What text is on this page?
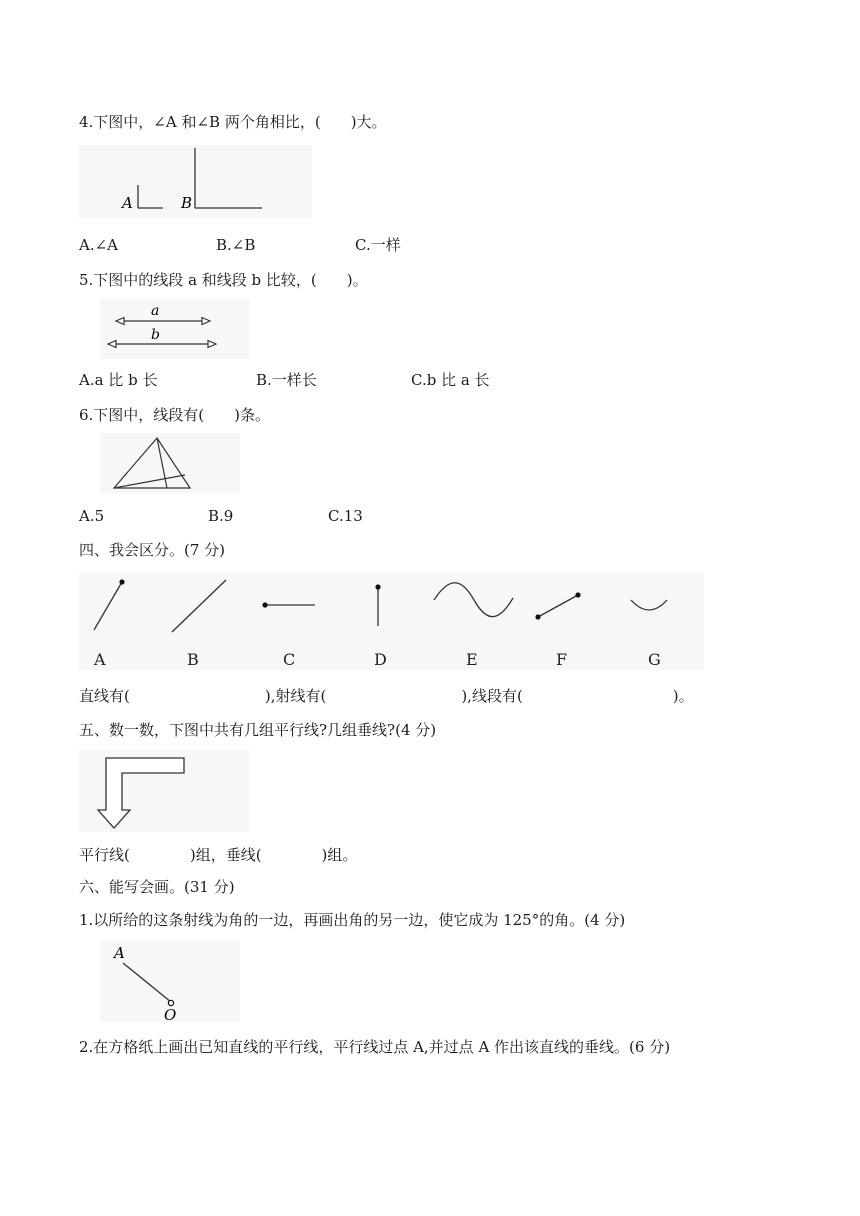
4.下图中，∠A 和∠B 两个角相比，(　　)大。
A	B
A.∠A	B.∠B	C.一样
5.下图中的线段 a 和线段 b 比较，(　　)。
a
b
A.a 比 b 长	B.一样长	C.b 比 a 长
6.下图中，线段有(　　)条。
A.5	B.9	C.13
四、我会区分。(7 分)
A	B	C	D	E	F	G
直线有(　　　　　　　　　),射线有(　　　　　　　　　),线段有(　　　　　　　　　　)。
五、数一数，下图中共有几组平行线?几组垂线?(4 分)
平行线(　　　　)组，垂线(　　　　)组。
六、能写会画。(31 分)
1.以所给的这条射线为角的一边，再画出角的另一边，使它成为 125°的角。(4 分)
A
O
2.在方格纸上画出已知直线的平行线，平行线过点 A,并过点 A 作出该直线的垂线。(6 分)
